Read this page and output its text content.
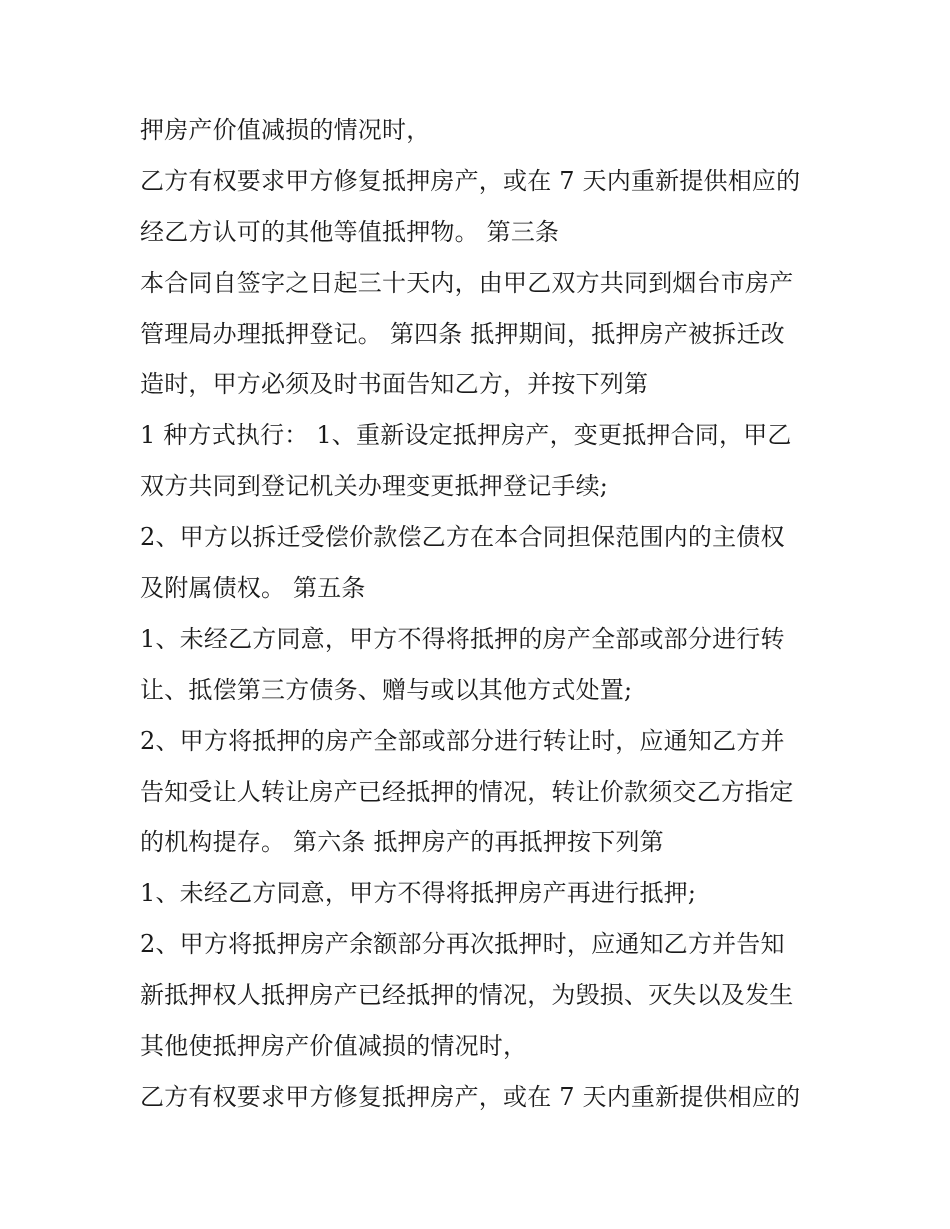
押房产价值减损的情况时，
乙方有权要求甲方修复抵押房产，或在 7 天内重新提供相应的
经乙方认可的其他等值抵押物。 第三条
本合同自签字之日起三十天内，由甲乙双方共同到烟台市房产
管理局办理抵押登记。 第四条 抵押期间，抵押房产被拆迁改
造时，甲方必须及时书面告知乙方，并按下列第
1 种方式执行： 1、重新设定抵押房产，变更抵押合同，甲乙
双方共同到登记机关办理变更抵押登记手续;
2、甲方以拆迁受偿价款偿乙方在本合同担保范围内的主债权
及附属债权。 第五条
1、未经乙方同意，甲方不得将抵押的房产全部或部分进行转
让、抵偿第三方债务、赠与或以其他方式处置;
2、甲方将抵押的房产全部或部分进行转让时，应通知乙方并
告知受让人转让房产已经抵押的情况，转让价款须交乙方指定
的机构提存。 第六条 抵押房产的再抵押按下列第
1、未经乙方同意，甲方不得将抵押房产再进行抵押;
2、甲方将抵押房产余额部分再次抵押时，应通知乙方并告知
新抵押权人抵押房产已经抵押的情况，为毁损、灭失以及发生
其他使抵押房产价值减损的情况时，
乙方有权要求甲方修复抵押房产，或在 7 天内重新提供相应的
